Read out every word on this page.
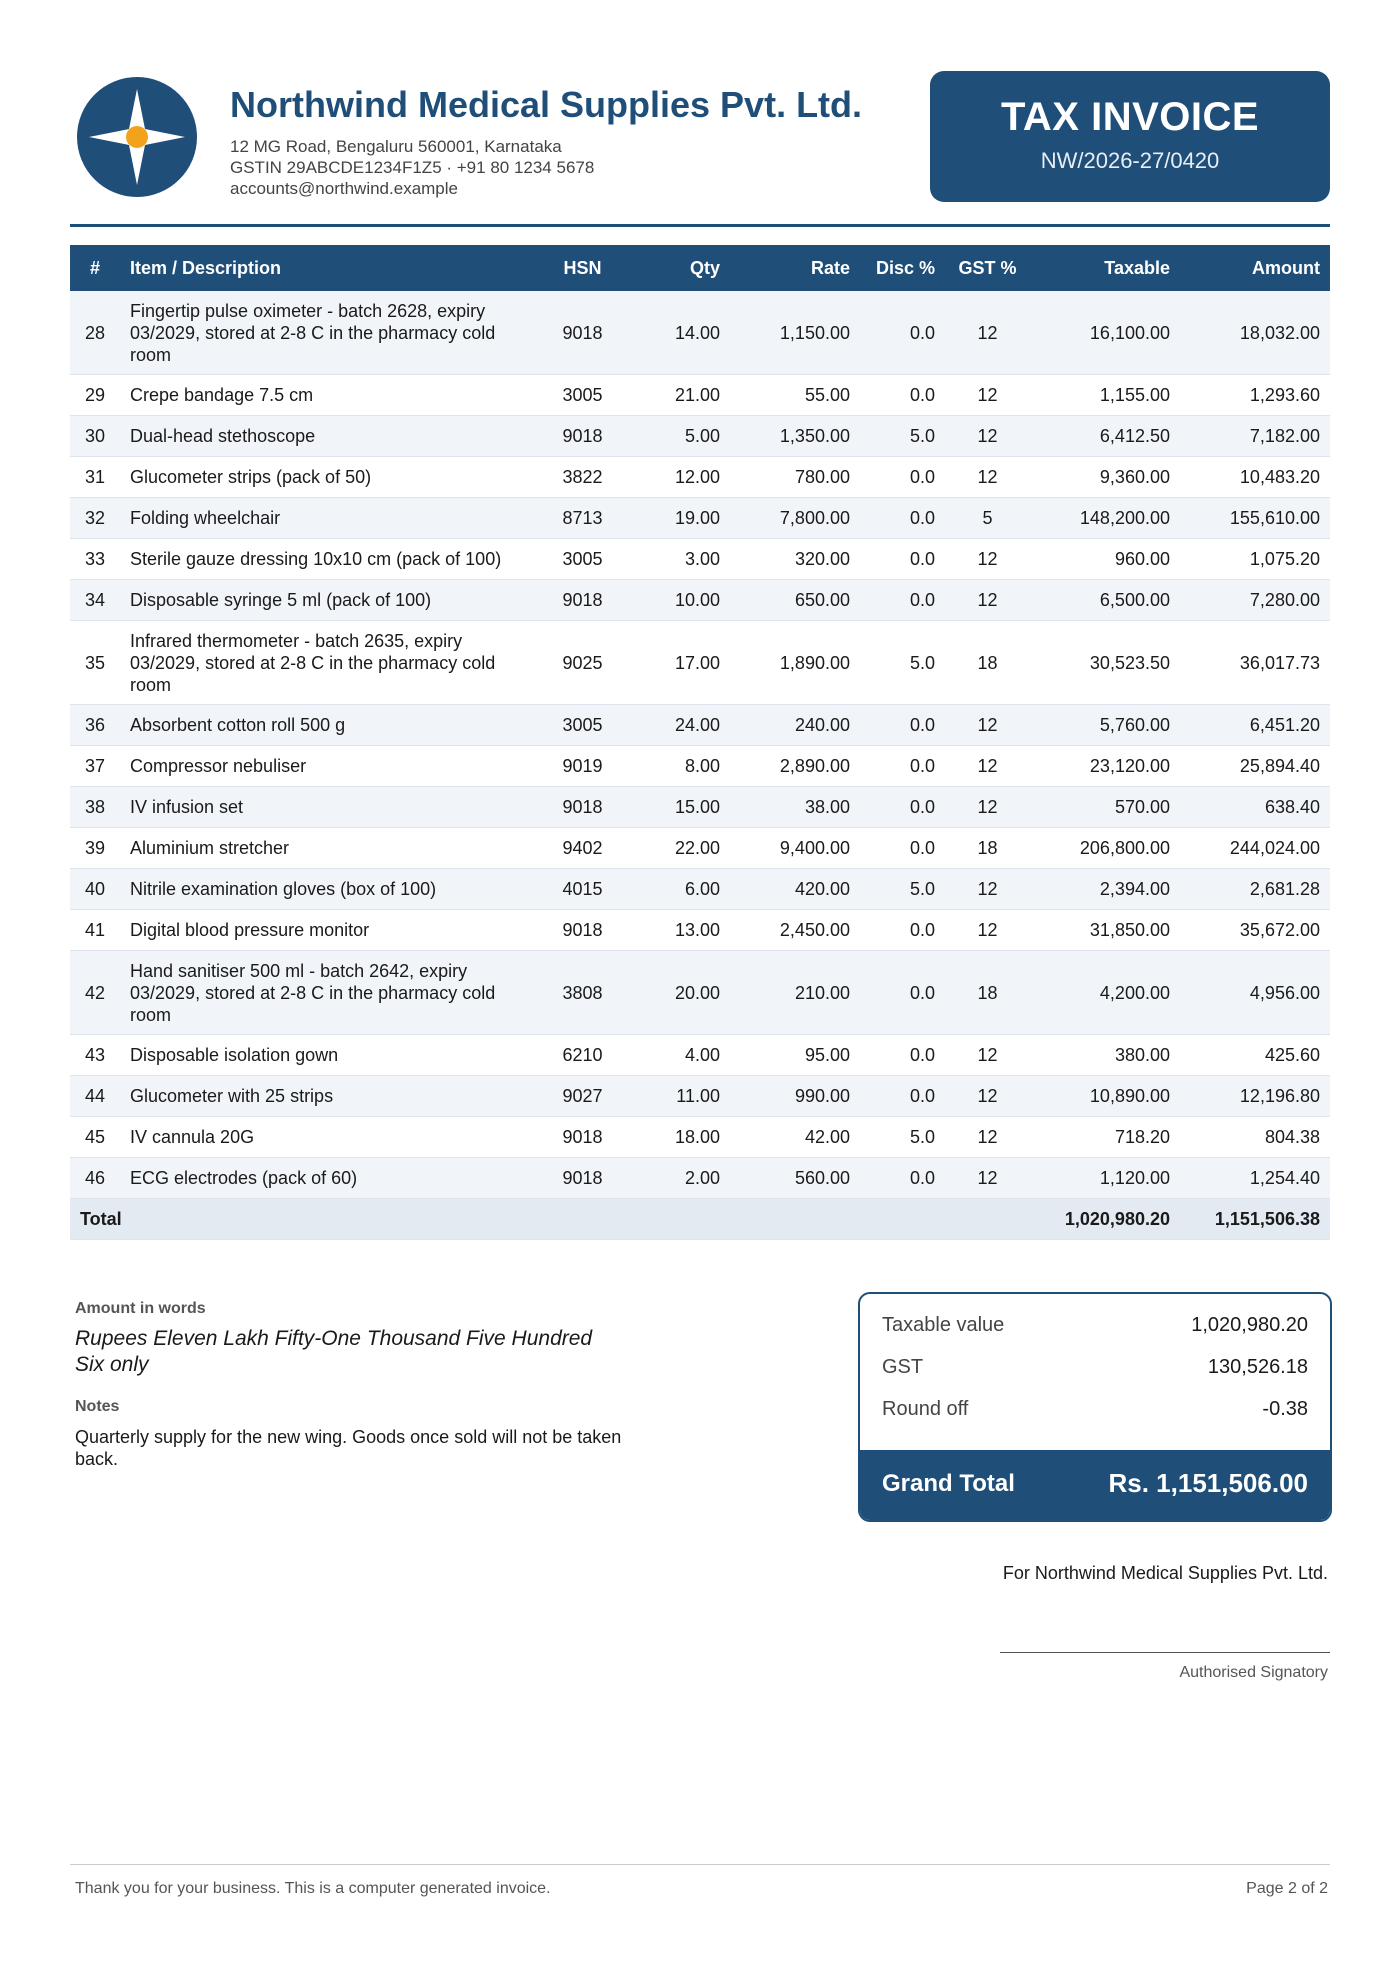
Northwind Medical Supplies Pvt. Ltd.
12 MG Road, Bengaluru 560001, Karnataka
GSTIN 29ABCDE1234F1Z5 · +91 80 1234 5678
accounts@northwind.example
TAX INVOICE
NW/2026-27/0420
#	Item / Description	HSN	Qty	Rate	Disc %	GST %	Taxable	Amount
28	Fingertip pulse oximeter - batch 2628, expiry 03/2029, stored at 2-8 C in the pharmacy cold room	9018	14.00	1,150.00	0.0	12	16,100.00	18,032.00
29	Crepe bandage 7.5 cm	3005	21.00	55.00	0.0	12	1,155.00	1,293.60
30	Dual-head stethoscope	9018	5.00	1,350.00	5.0	12	6,412.50	7,182.00
31	Glucometer strips (pack of 50)	3822	12.00	780.00	0.0	12	9,360.00	10,483.20
32	Folding wheelchair	8713	19.00	7,800.00	0.0	5	148,200.00	155,610.00
33	Sterile gauze dressing 10x10 cm (pack of 100)	3005	3.00	320.00	0.0	12	960.00	1,075.20
34	Disposable syringe 5 ml (pack of 100)	9018	10.00	650.00	0.0	12	6,500.00	7,280.00
35	Infrared thermometer - batch 2635, expiry 03/2029, stored at 2-8 C in the pharmacy cold room	9025	17.00	1,890.00	5.0	18	30,523.50	36,017.73
36	Absorbent cotton roll 500 g	3005	24.00	240.00	0.0	12	5,760.00	6,451.20
37	Compressor nebuliser	9019	8.00	2,890.00	0.0	12	23,120.00	25,894.40
38	IV infusion set	9018	15.00	38.00	0.0	12	570.00	638.40
39	Aluminium stretcher	9402	22.00	9,400.00	0.0	18	206,800.00	244,024.00
40	Nitrile examination gloves (box of 100)	4015	6.00	420.00	5.0	12	2,394.00	2,681.28
41	Digital blood pressure monitor	9018	13.00	2,450.00	0.0	12	31,850.00	35,672.00
42	Hand sanitiser 500 ml - batch 2642, expiry 03/2029, stored at 2-8 C in the pharmacy cold room	3808	20.00	210.00	0.0	18	4,200.00	4,956.00
43	Disposable isolation gown	6210	4.00	95.00	0.0	12	380.00	425.60
44	Glucometer with 25 strips	9027	11.00	990.00	0.0	12	10,890.00	12,196.80
45	IV cannula 20G	9018	18.00	42.00	5.0	12	718.20	804.38
46	ECG electrodes (pack of 60)	9018	2.00	560.00	0.0	12	1,120.00	1,254.40
Total							1,020,980.20	1,151,506.38
Amount in words
Rupees Eleven Lakh Fifty-One Thousand Five Hundred Six only
Notes
Quarterly supply for the new wing. Goods once sold will not be taken back.
Taxable value	1,020,980.20
GST	130,526.18
Round off	-0.38
Grand Total	Rs. 1,151,506.00
For Northwind Medical Supplies Pvt. Ltd.
Authorised Signatory
Thank you for your business. This is a computer generated invoice.	Page 2 of 2
